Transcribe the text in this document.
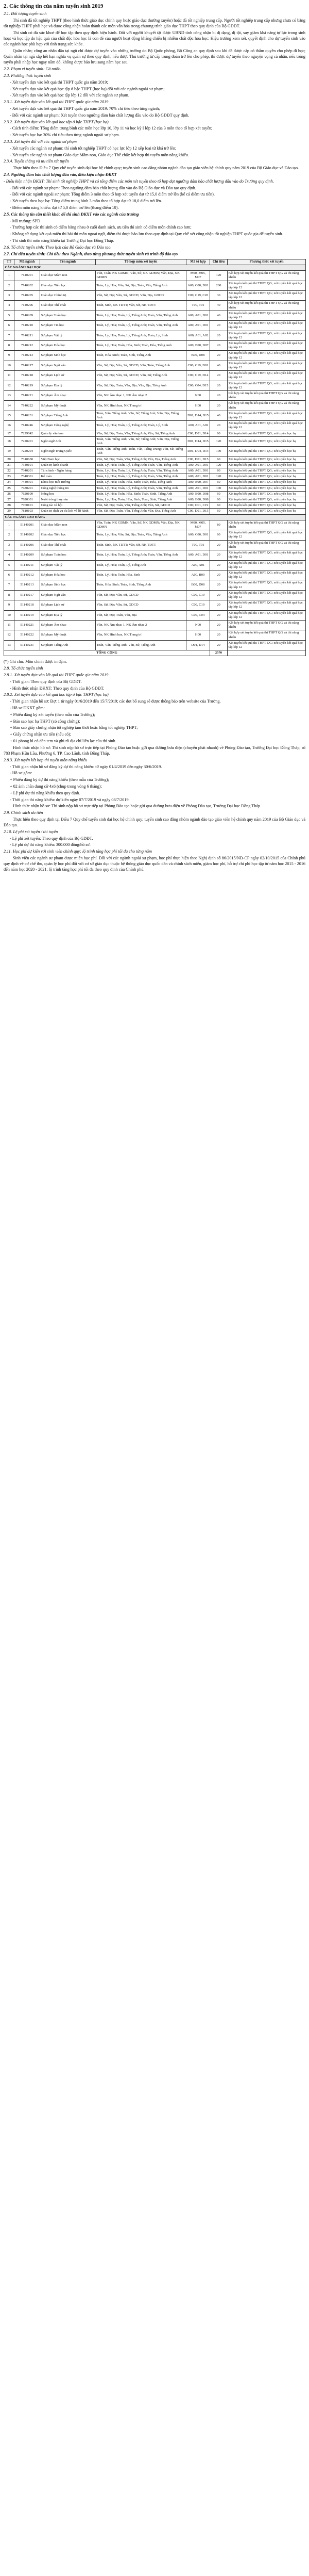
2. Các thông tin của năm tuyển sinh 2019

2.1. Đối tượng tuyển sinh

Thí sinh đã tốt nghiệp THPT (theo hình thức giáo dục chính quy hoặc giáo dục thường xuyên) hoặc đã tốt nghiệp trung cấp. Người tốt nghiệp trung cấp nhưng chưa có bằng tốt nghiệp THPT phải học và được công nhận hoàn thành các môn văn hóa trong chương trình giáo dục THPT theo quy định của Bộ GDĐT.

Thí sinh có đủ sức khoẻ để học tập theo quy định hiện hành. Đối với người khuyết tật được UBND tỉnh công nhận bị dị dạng, dị tật, suy giảm khả năng tự lực trong sinh hoạt và học tập do hậu quả của chất độc hóa học là con đẻ của người hoạt động kháng chiến bị nhiễm chất độc hóa học: Hiệu trưởng xem xét, quyết định cho dự tuyển sinh vào các ngành học phù hợp với tình trạng sức khỏe.

Quân nhân; công an nhân dân tại ngũ chỉ được dự tuyển vào những trường do Bộ Quốc phòng, Bộ Công an quy định sau khi đã được cấp có thẩm quyền cho phép đi học; Quân nhân tại ngũ sắp hết hạn nghĩa vụ quân sự theo quy định, nếu được Thủ trưởng từ cấp trung đoàn trở lên cho phép, thì được dự tuyển theo nguyện vọng cá nhân, nếu trúng tuyển phải nhập học ngay năm đó, không được bảo lưu sang năm học sau.

2.2. Phạm vi tuyển sinh: Cả nước.

2.3. Phương thức tuyển sinh

- Xét tuyển dựa vào kết quả thi THPT quốc gia năm 2019;

- Xét tuyển dựa vào kết quả học tập ở bậc THPT (học bạ) đối với các ngành ngoài sư phạm;

- Xét tuyển dựa vào kết quả học tập lớp 12 đối với các ngành sư phạm.

2.3.1. Xét tuyển dựa vào kết quả thi THPT quốc gia năm 2019

- Xét tuyển dựa vào kết quả thi THPT quốc gia năm 2019: 70% chỉ tiêu theo từng ngành;

- Đối với các ngành sư phạm: Xét tuyển theo ngưỡng đảm bảo chất lượng đầu vào do Bộ GDĐT quy định.

2.3.2. Xét tuyển dựa vào kết quả học tập ở bậc THPT (học bạ)

- Cách tính điểm: Tổng điểm trung bình các môn học lớp 10, lớp 11 và học kỳ I lớp 12 của 3 môn theo tổ hợp xét tuyển;

- Xét tuyển học bạ: 30% chỉ tiêu theo từng ngành ngoài sư phạm.

2.3.3. Xét tuyển đối với các ngành sư phạm

- Xét tuyển các ngành sư phạm: thí sinh tốt nghiệp THPT có học lực lớp 12 xếp loại từ khá trở lên;

- Xét tuyển các ngành sư phạm Giáo dục Mầm non, Giáo dục Thể chất: kết hợp thi tuyển môn năng khiếu.

2.3.4. Tuyển thẳng và ưu tiên xét tuyển

Thực hiện theo Điều 7 Quy chế tuyển sinh đại học hệ chính quy; tuyển sinh cao đẳng nhóm ngành đào tạo giáo viên hệ chính quy năm 2019 của Bộ Giáo dục và Đào tạo.

2.4. Ngưỡng đảm bảo chất lượng đầu vào, điều kiện nhận ĐKXT

- Điều kiện nhận ĐKXT: Thí sinh tốt nghiệp THPT và có tổng điểm các môn xét tuyển theo tổ hợp đạt ngưỡng đảm bảo chất lượng đầu vào do Trường quy định.

- Đối với các ngành sư phạm: Theo ngưỡng đảm bảo chất lượng đầu vào do Bộ Giáo dục và Đào tạo quy định.

- Đối với các ngành ngoài sư phạm: Tổng điểm 3 môn theo tổ hợp xét tuyển đạt từ 15,0 điểm trở lên (kể cả điểm ưu tiên).

- Xét tuyển theo học bạ: Tổng điểm trung bình 3 môn theo tổ hợp đạt từ 18,0 điểm trở lên.

- Điểm môn năng khiếu: đạt từ 5,0 điểm trở lên (thang điểm 10).

2.5. Các thông tin cần thiết khác để thí sinh ĐKXT vào các ngành của trường

- Mã trường: SPD

- Trường hợp các thí sinh có điểm bằng nhau ở cuối danh sách, ưu tiên thí sinh có điểm môn chính cao hơn;

- Không sử dụng kết quả miễn thi bài thi môn ngoại ngữ, điểm thi được bảo lưu theo quy định tại Quy chế xét công nhận tốt nghiệp THPT quốc gia để tuyển sinh.

- Thí sinh thi môn năng khiếu tại Trường Đại học Đồng Tháp.

2.6. Tổ chức tuyển sinh: Theo lịch của Bộ Giáo dục và Đào tạo.

2.7. Chỉ tiêu tuyển sinh: Chỉ tiêu theo Ngành, theo từng phương thức tuyển sinh và trình độ đào tạo

TT	Mã ngành	Tên ngành	Tổ hợp môn xét tuyển	Mã tổ hợp	Chỉ tiêu	Phương thức xét tuyển
CÁC NGÀNH ĐẠI HỌC						
1	7140201	Giáo dục Mầm non	Văn, Toán, NK GDMN; Văn, Sử, NK GDMN; Văn, Địa, NK GDMN	M00, M05, M07	120	Kết hợp xét tuyển kết quả thi THPT QG và thi năng khiếu
2	7140202	Giáo dục Tiểu học	Toán, Lý, Hóa; Văn, Sử, Địa; Toán, Văn, Tiếng Anh	A00, C00, D01	200	Xét tuyển kết quả thi THPT QG; xét tuyển kết quả học tập lớp 12
3	7140205	Giáo dục Chính trị	Văn, Sử, Địa; Văn, Sử, GDCD; Văn, Địa, GDCD	C00, C19, C20	30	Xét tuyển kết quả thi THPT QG; xét tuyển kết quả học tập lớp 12
4	7140206	Giáo dục Thể chất	Toán, Sinh, NK TDTT; Văn, Sử, NK TDTT	T00, T01	40	Kết hợp xét tuyển kết quả thi THPT QG và thi năng khiếu
5	7140209	Sư phạm Toán học	Toán, Lý, Hóa; Toán, Lý, Tiếng Anh; Toán, Văn, Tiếng Anh	A00, A01, D01	40	Xét tuyển kết quả thi THPT QG; xét tuyển kết quả học tập lớp 12
6	7140210	Sư phạm Tin học	Toán, Lý, Hóa; Toán, Lý, Tiếng Anh; Toán, Văn, Tiếng Anh	A00, A01, D01	20	Xét tuyển kết quả thi THPT QG; xét tuyển kết quả học tập lớp 12
7	7140211	Sư phạm Vật lý	Toán, Lý, Hóa; Toán, Lý, Tiếng Anh; Toán, Lý, Sinh	A00, A01, A02	20	Xét tuyển kết quả thi THPT QG; xét tuyển kết quả học tập lớp 12
8	7140212	Sư phạm Hóa học	Toán, Lý, Hóa; Toán, Hóa, Sinh; Toán, Hóa, Tiếng Anh	A00, B00, D07	20	Xét tuyển kết quả thi THPT QG; xét tuyển kết quả học tập lớp 12
9	7140213	Sư phạm Sinh học	Toán, Hóa, Sinh; Toán, Sinh, Tiếng Anh	B00, D08	20	Xét tuyển kết quả thi THPT QG; xét tuyển kết quả học tập lớp 12
10	7140217	Sư phạm Ngữ văn	Văn, Sử, Địa; Văn, Sử, GDCD; Văn, Toán, Tiếng Anh	C00, C19, D01	40	Xét tuyển kết quả thi THPT QG; xét tuyển kết quả học tập lớp 12
11	7140218	Sư phạm Lịch sử	Văn, Sử, Địa; Văn, Sử, GDCD; Văn, Sử, Tiếng Anh	C00, C19, D14	20	Xét tuyển kết quả thi THPT QG; xét tuyển kết quả học tập lớp 12
12	7140219	Sư phạm Địa lý	Văn, Sử, Địa; Toán, Văn, Địa; Văn, Địa, Tiếng Anh	C00, C04, D15	20	Xét tuyển kết quả thi THPT QG; xét tuyển kết quả học tập lớp 12
13	7140221	Sư phạm Âm nhạc	Văn, NK Âm nhạc 1, NK Âm nhạc 2	N00	20	Kết hợp xét tuyển kết quả thi THPT QG và thi năng khiếu
14	7140222	Sư phạm Mỹ thuật	Văn, NK Hình họa, NK Trang trí	H00	20	Kết hợp xét tuyển kết quả thi THPT QG và thi năng khiếu
15	7140231	Sư phạm Tiếng Anh	Toán, Văn, Tiếng Anh; Văn, Sử, Tiếng Anh; Văn, Địa, Tiếng Anh	D01, D14, D15	40	Xét tuyển kết quả thi THPT QG; xét tuyển kết quả học tập lớp 12
16	7140246	Sư phạm Công nghệ	Toán, Lý, Hóa; Toán, Lý, Tiếng Anh; Toán, Lý, Sinh	A00, A01, A02	20	Xét tuyển kết quả thi THPT QG; xét tuyển kết quả học tập lớp 12
17	7229042	Quản lý văn hóa	Văn, Sử, Địa; Toán, Văn, Tiếng Anh; Văn, Sử, Tiếng Anh	C00, D01, D14	60	Xét tuyển kết quả thi THPT QG; xét tuyển học bạ
18	7220201	Ngôn ngữ Anh	Toán, Văn, Tiếng Anh; Văn, Sử, Tiếng Anh; Văn, Địa, Tiếng Anh	D01, D14, D15	120	Xét tuyển kết quả thi THPT QG; xét tuyển học bạ
19	7220204	Ngôn ngữ Trung Quốc	Toán, Văn, Tiếng Anh; Toán, Văn, Tiếng Trung; Văn, Sử, Tiếng Anh	D01, D04, D14	100	Xét tuyển kết quả thi THPT QG; xét tuyển học bạ
20	7310630	Việt Nam học	Văn, Sử, Địa; Toán, Văn, Tiếng Anh; Văn, Địa, Tiếng Anh	C00, D01, D15	60	Xét tuyển kết quả thi THPT QG; xét tuyển học bạ
21	7340101	Quản trị kinh doanh	Toán, Lý, Hóa; Toán, Lý, Tiếng Anh; Toán, Văn, Tiếng Anh	A00, A01, D01	120	Xét tuyển kết quả thi THPT QG; xét tuyển học bạ
22	7340201	Tài chính - Ngân hàng	Toán, Lý, Hóa; Toán, Lý, Tiếng Anh; Toán, Văn, Tiếng Anh	A00, A01, D01	80	Xét tuyển kết quả thi THPT QG; xét tuyển học bạ
23	7340301	Kế toán	Toán, Lý, Hóa; Toán, Lý, Tiếng Anh; Toán, Văn, Tiếng Anh	A00, A01, D01	120	Xét tuyển kết quả thi THPT QG; xét tuyển học bạ
24	7440301	Khoa học môi trường	Toán, Lý, Hóa; Toán, Hóa, Sinh; Toán, Hóa, Tiếng Anh	A00, B00, D07	60	Xét tuyển kết quả thi THPT QG; xét tuyển học bạ
25	7480201	Công nghệ thông tin	Toán, Lý, Hóa; Toán, Lý, Tiếng Anh; Toán, Văn, Tiếng Anh	A00, A01, D01	100	Xét tuyển kết quả thi THPT QG; xét tuyển học bạ
26	7620109	Nông học	Toán, Lý, Hóa; Toán, Hóa, Sinh; Toán, Sinh, Tiếng Anh	A00, B00, D08	60	Xét tuyển kết quả thi THPT QG; xét tuyển học bạ
27	7620301	Nuôi trồng thủy sản	Toán, Lý, Hóa; Toán, Hóa, Sinh; Toán, Sinh, Tiếng Anh	A00, B00, D08	60	Xét tuyển kết quả thi THPT QG; xét tuyển học bạ
28	7760101	Công tác xã hội	Văn, Sử, Địa; Toán, Văn, Tiếng Anh; Văn, Sử, GDCD	C00, D01, C19	60	Xét tuyển kết quả thi THPT QG; xét tuyển học bạ
29	7810103	Quản trị dịch vụ du lịch và lữ hành	Văn, Sử, Địa; Toán, Văn, Tiếng Anh; Văn, Địa, Tiếng Anh	C00, D01, D15	60	Xét tuyển kết quả thi THPT QG; xét tuyển học bạ
CÁC NGÀNH CAO ĐẲNG						
1	51140201	Giáo dục Mầm non	Văn, Toán, NK GDMN; Văn, Sử, NK GDMN; Văn, Địa, NK GDMN	M00, M05, M07	80	Kết hợp xét tuyển kết quả thi THPT QG và thi năng khiếu
2	51140202	Giáo dục Tiểu học	Toán, Lý, Hóa; Văn, Sử, Địa; Toán, Văn, Tiếng Anh	A00, C00, D01	60	Xét tuyển kết quả thi THPT QG; xét tuyển kết quả học tập lớp 12
3	51140206	Giáo dục Thể chất	Toán, Sinh, NK TDTT; Văn, Sử, NK TDTT	T00, T01	20	Kết hợp xét tuyển kết quả thi THPT QG và thi năng khiếu
4	51140209	Sư phạm Toán học	Toán, Lý, Hóa; Toán, Lý, Tiếng Anh; Toán, Văn, Tiếng Anh	A00, A01, D01	20	Xét tuyển kết quả thi THPT QG; xét tuyển kết quả học tập lớp 12
5	51140211	Sư phạm Vật lý	Toán, Lý, Hóa; Toán, Lý, Tiếng Anh	A00, A01	20	Xét tuyển kết quả thi THPT QG; xét tuyển kết quả học tập lớp 12
6	51140212	Sư phạm Hóa học	Toán, Lý, Hóa; Toán, Hóa, Sinh	A00, B00	20	Xét tuyển kết quả thi THPT QG; xét tuyển kết quả học tập lớp 12
7	51140213	Sư phạm Sinh học	Toán, Hóa, Sinh; Toán, Sinh, Tiếng Anh	B00, D08	20	Xét tuyển kết quả thi THPT QG; xét tuyển kết quả học tập lớp 12
8	51140217	Sư phạm Ngữ văn	Văn, Sử, Địa; Văn, Sử, GDCD	C00, C19	20	Xét tuyển kết quả thi THPT QG; xét tuyển kết quả học tập lớp 12
9	51140218	Sư phạm Lịch sử	Văn, Sử, Địa; Văn, Sử, GDCD	C00, C19	20	Xét tuyển kết quả thi THPT QG; xét tuyển kết quả học tập lớp 12
10	51140219	Sư phạm Địa lý	Văn, Sử, Địa; Toán, Văn, Địa	C00, C04	20	Xét tuyển kết quả thi THPT QG; xét tuyển kết quả học tập lớp 12
11	51140221	Sư phạm Âm nhạc	Văn, NK Âm nhạc 1, NK Âm nhạc 2	N00	20	Kết hợp xét tuyển kết quả thi THPT QG và thi năng khiếu
12	51140222	Sư phạm Mỹ thuật	Văn, NK Hình họa, NK Trang trí	H00	20	Kết hợp xét tuyển kết quả thi THPT QG và thi năng khiếu
13	51140231	Sư phạm Tiếng Anh	Toán, Văn, Tiếng Anh; Văn, Sử, Tiếng Anh	D01, D14	20	Xét tuyển kết quả thi THPT QG; xét tuyển kết quả học tập lớp 12
TỔNG CỘNG					2570	

(*) Ghi chú: Môn chính được in đậm.

2.8. Tổ chức tuyển sinh

2.8.1. Xét tuyển dựa vào kết quả thi THPT quốc gia năm 2019

- Thời gian: Theo quy định của Bộ GDĐT.

- Hình thức nhận ĐKXT: Theo quy định của Bộ GDĐT.

2.8.2. Xét tuyển dựa vào kết quả học tập ở bậc THPT (học bạ)

- Thời gian nhận hồ sơ: Đợt 1 từ ngày 01/6/2019 đến 15/7/2019; các đợt bổ sung sẽ được thông báo trên website của Trường.

- Hồ sơ ĐKXT gồm:

+ Phiếu đăng ký xét tuyển (theo mẫu của Trường);

+ Bản sao học bạ THPT (có công chứng);

+ Bản sao giấy chứng nhận tốt nghiệp tạm thời hoặc bằng tốt nghiệp THPT;

+ Giấy chứng nhận ưu tiên (nếu có);

+ 01 phong bì có dán tem và ghi rõ địa chỉ liên lạc của thí sinh.

Hình thức nhận hồ sơ: Thí sinh nộp hồ sơ trực tiếp tại Phòng Đào tạo hoặc gửi qua đường bưu điện (chuyển phát nhanh) về Phòng Đào tạo, Trường Đại học Đồng Tháp, số 783 Phạm Hữu Lầu, Phường 6, TP. Cao Lãnh, tỉnh Đồng Tháp.

2.8.3. Xét tuyển kết hợp thi tuyển môn năng khiếu

- Thời gian nhận hồ sơ đăng ký dự thi năng khiếu: từ ngày 01/4/2019 đến ngày 30/6/2019.

- Hồ sơ gồm:

+ Phiếu đăng ký dự thi năng khiếu (theo mẫu của Trường);

+ 02 ảnh chân dung cỡ 4x6 (chụp trong vòng 6 tháng);

+ Lệ phí dự thi năng khiếu theo quy định.

- Thời gian thi năng khiếu: dự kiến ngày 07/7/2019 và ngày 08/7/2019.

Hình thức nhận hồ sơ: Thí sinh nộp hồ sơ trực tiếp tại Phòng Đào tạo hoặc gửi qua đường bưu điện về Phòng Đào tạo, Trường Đại học Đồng Tháp.

2.9. Chính sách ưu tiên

Thực hiện theo quy định tại Điều 7 Quy chế tuyển sinh đại học hệ chính quy; tuyển sinh cao đẳng nhóm ngành đào tạo giáo viên hệ chính quy năm 2019 của Bộ Giáo dục và Đào tạo.

2.10. Lệ phí xét tuyển / thi tuyển

- Lệ phí xét tuyển: Theo quy định của Bộ GDĐT.

- Lệ phí dự thi năng khiếu: 300.000 đồng/hồ sơ.

2.11. Học phí dự kiến với sinh viên chính quy; lộ trình tăng học phí tối đa cho từng năm

Sinh viên các ngành sư phạm được miễn học phí. Đối với các ngành ngoài sư phạm, học phí thực hiện theo Nghị định số 86/2015/NĐ-CP ngày 02/10/2015 của Chính phủ quy định về cơ chế thu, quản lý học phí đối với cơ sở giáo dục thuộc hệ thống giáo dục quốc dân và chính sách miễn, giảm học phí, hỗ trợ chi phí học tập từ năm học 2015 - 2016 đến năm học 2020 - 2021; lộ trình tăng học phí tối đa theo quy định của Chính phủ.
